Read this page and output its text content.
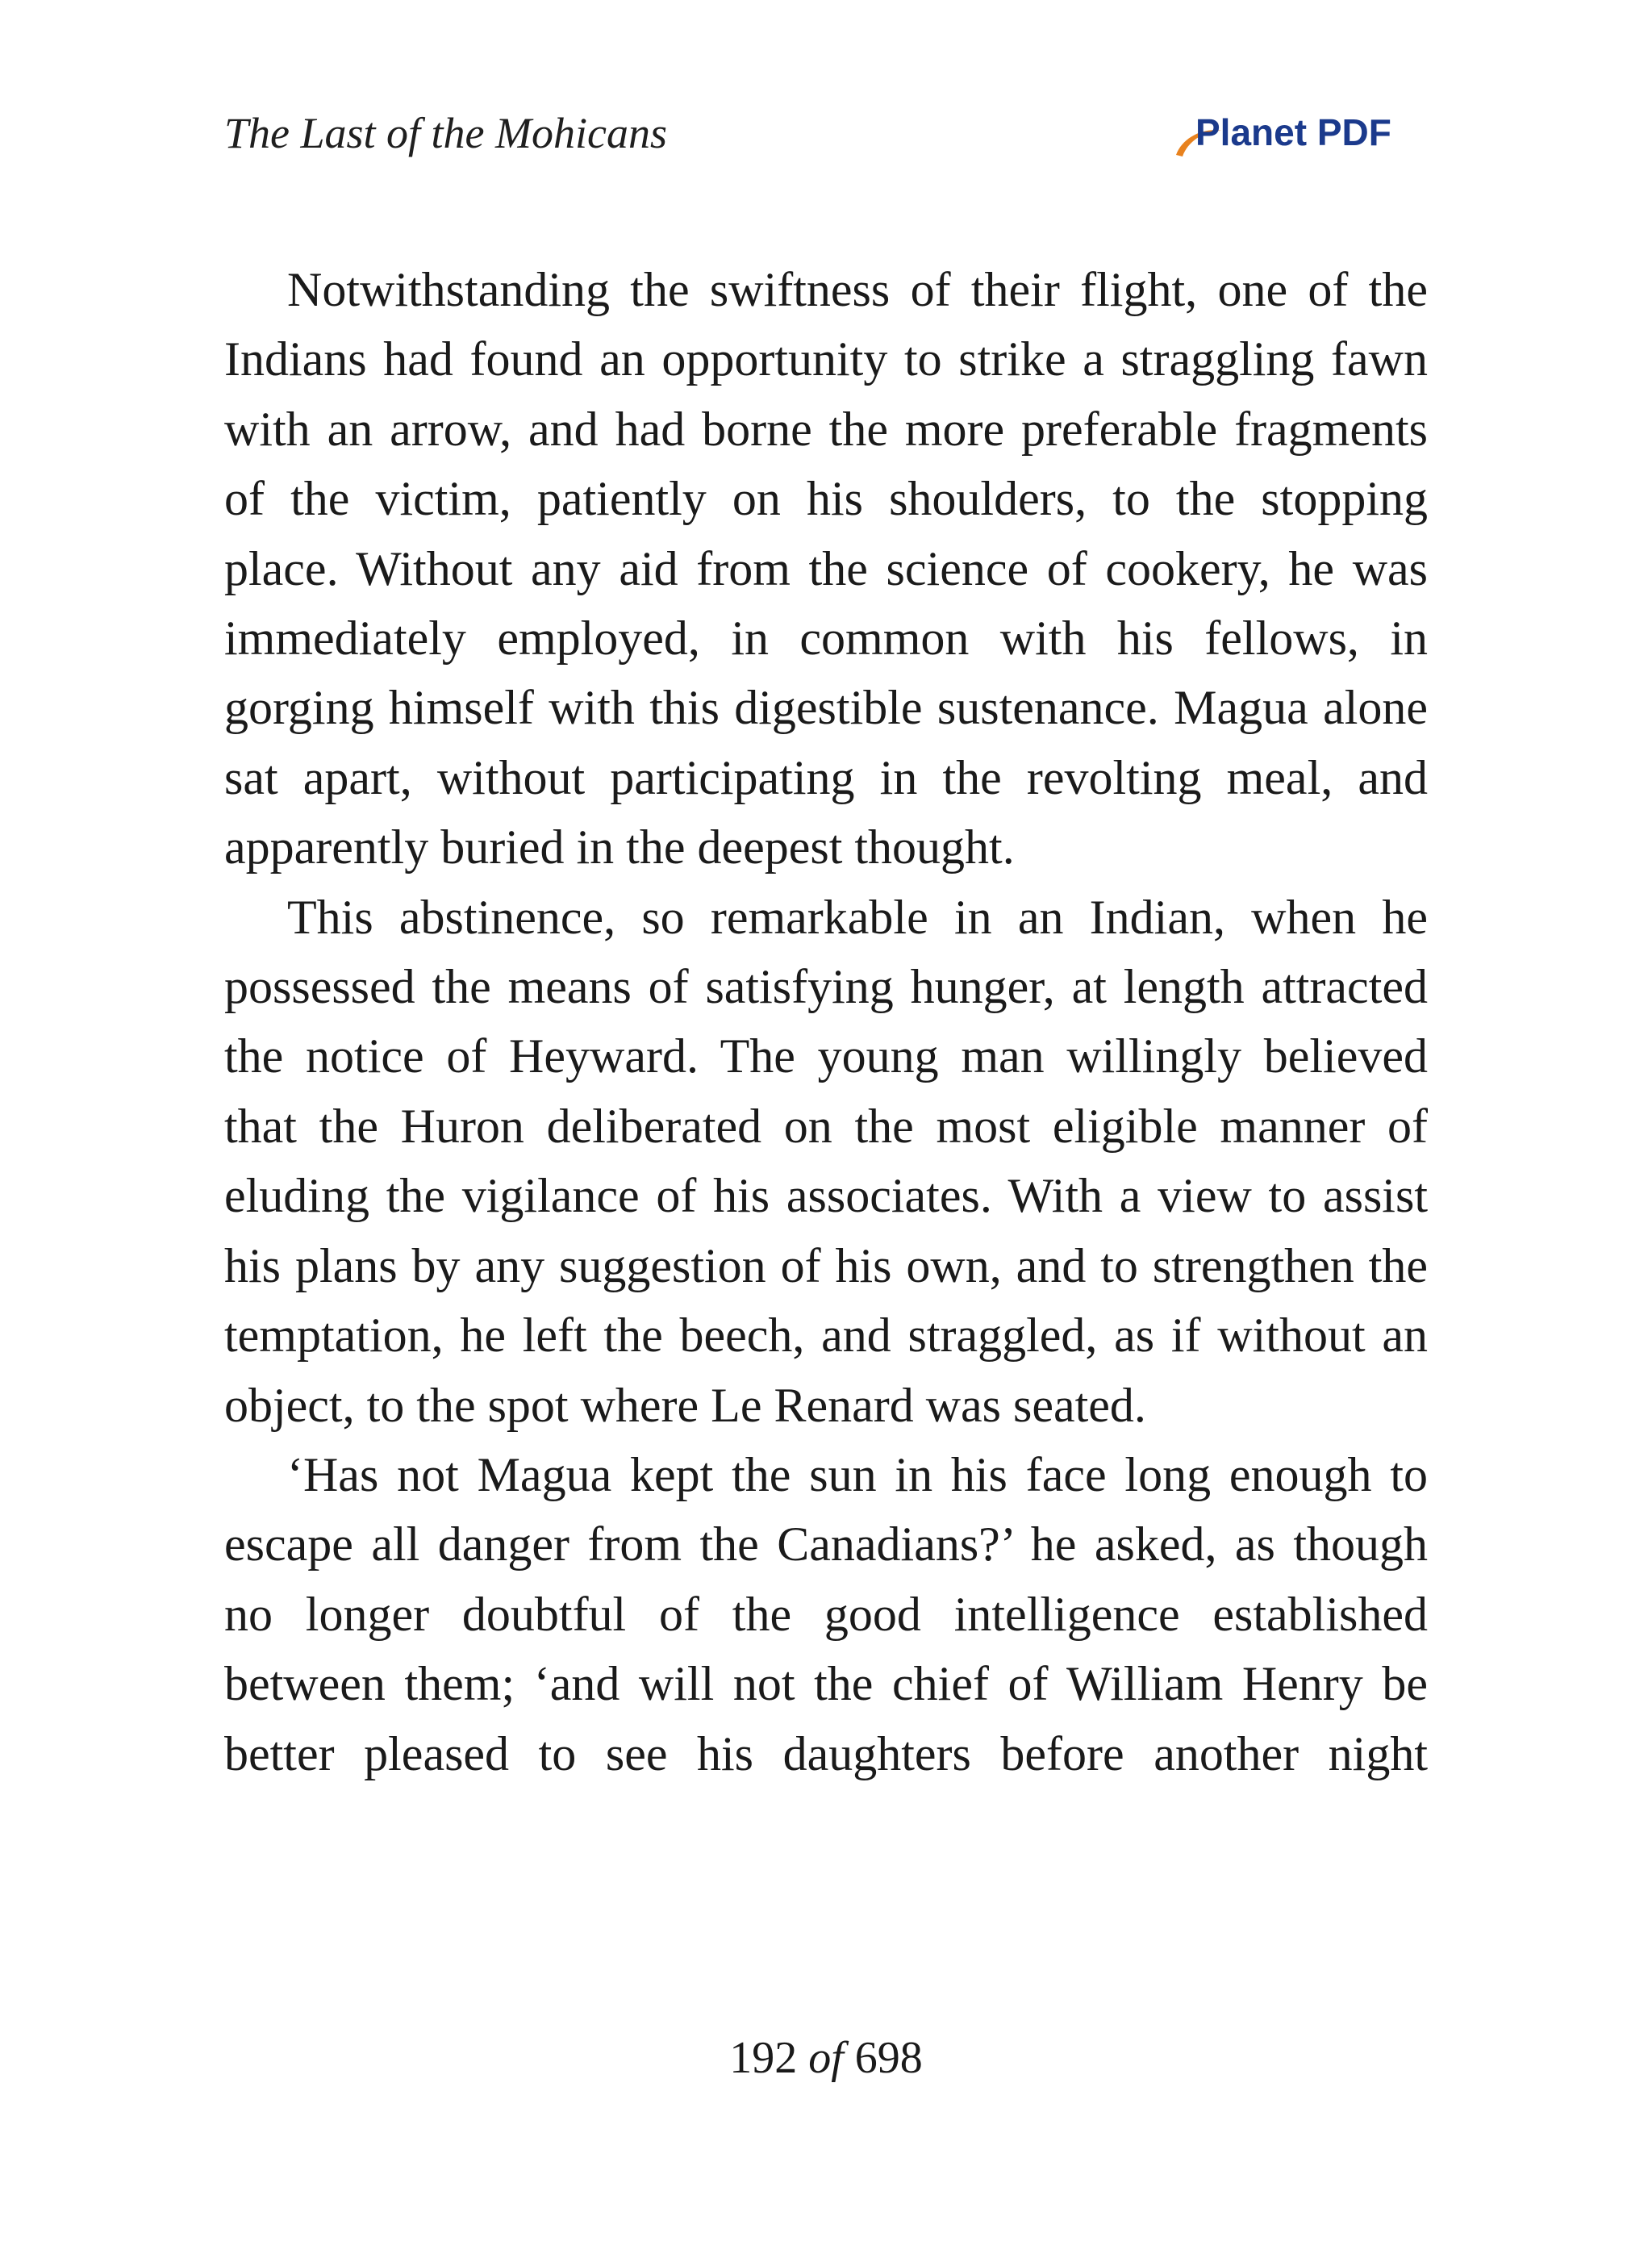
The Last of the Mohicans	Planet PDF

Notwithstanding the swiftness of their flight, one of the Indians had found an opportunity to strike a straggling fawn with an arrow, and had borne the more preferable fragments of the victim, patiently on his shoulders, to the stopping place. Without any aid from the science of cookery, he was immediately employed, in common with his fellows, in gorging himself with this digestible sustenance. Magua alone sat apart, without participating in the revolting meal, and apparently buried in the deepest thought.

This abstinence, so remarkable in an Indian, when he possessed the means of satisfying hunger, at length attracted the notice of Heyward. The young man willingly believed that the Huron deliberated on the most eligible manner of eluding the vigilance of his associates. With a view to assist his plans by any suggestion of his own, and to strengthen the temptation, he left the beech, and straggled, as if without an object, to the spot where Le Renard was seated.

‘Has not Magua kept the sun in his face long enough to escape all danger from the Canadians?’ he asked, as though no longer doubtful of the good intelligence established between them; ‘and will not the chief of William Henry be better pleased to see his daughters before another night

192 of 698
